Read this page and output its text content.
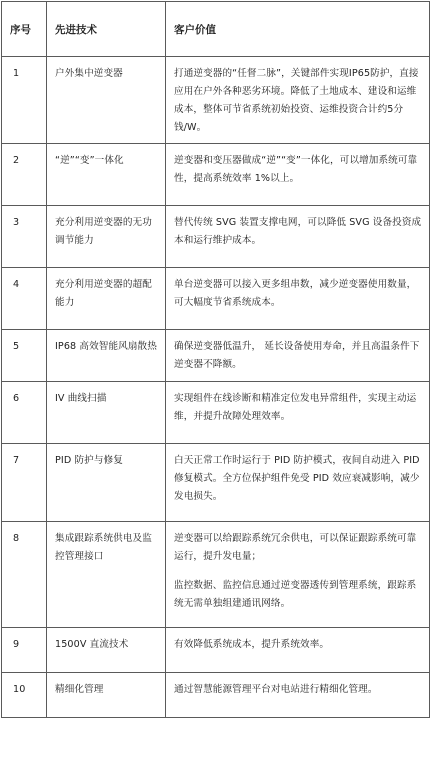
序号	先进技术	客户价值

1	户外集中逆变器	打通逆变器的“任督二脉”，关键部件实现IP65防护，直接应用在户外各种恶劣环境。降低了土地成本、建设和运维成本，整体可节省系统初始投资、运维投资合计约5分钱/W。

2	“逆”“变”一体化	逆变器和变压器做成“逆”“变”一体化，可以增加系统可靠性，提高系统效率 1%以上。

3	充分利用逆变器的无功调节能力	替代传统 SVG 装置支撑电网，可以降低 SVG 设备投资成本和运行维护成本。

4	充分利用逆变器的超配能力	单台逆变器可以接入更多组串数，减少逆变器使用数量，可大幅度节省系统成本。

5	IP68 高效智能风扇散热	确保逆变器低温升， 延长设备使用寿命，并且高温条件下逆变器不降额。

6	IV 曲线扫描	实现组件在线诊断和精准定位发电异常组件，实现主动运维，并提升故障处理效率。

7	PID 防护与修复	白天正常工作时运行于 PID 防护模式，夜间自动进入 PID 修复模式。全方位保护组件免受 PID 效应衰减影响，减少发电损失。

8	集成跟踪系统供电及监控管理接口	逆变器可以给跟踪系统冗余供电，可以保证跟踪系统可靠运行，提升发电量；
监控数据、监控信息通过逆变器透传到管理系统，跟踪系统无需单独组建通讯网络。

9	1500V 直流技术	有效降低系统成本，提升系统效率。

10	精细化管理	通过智慧能源管理平台对电站进行精细化管理。
